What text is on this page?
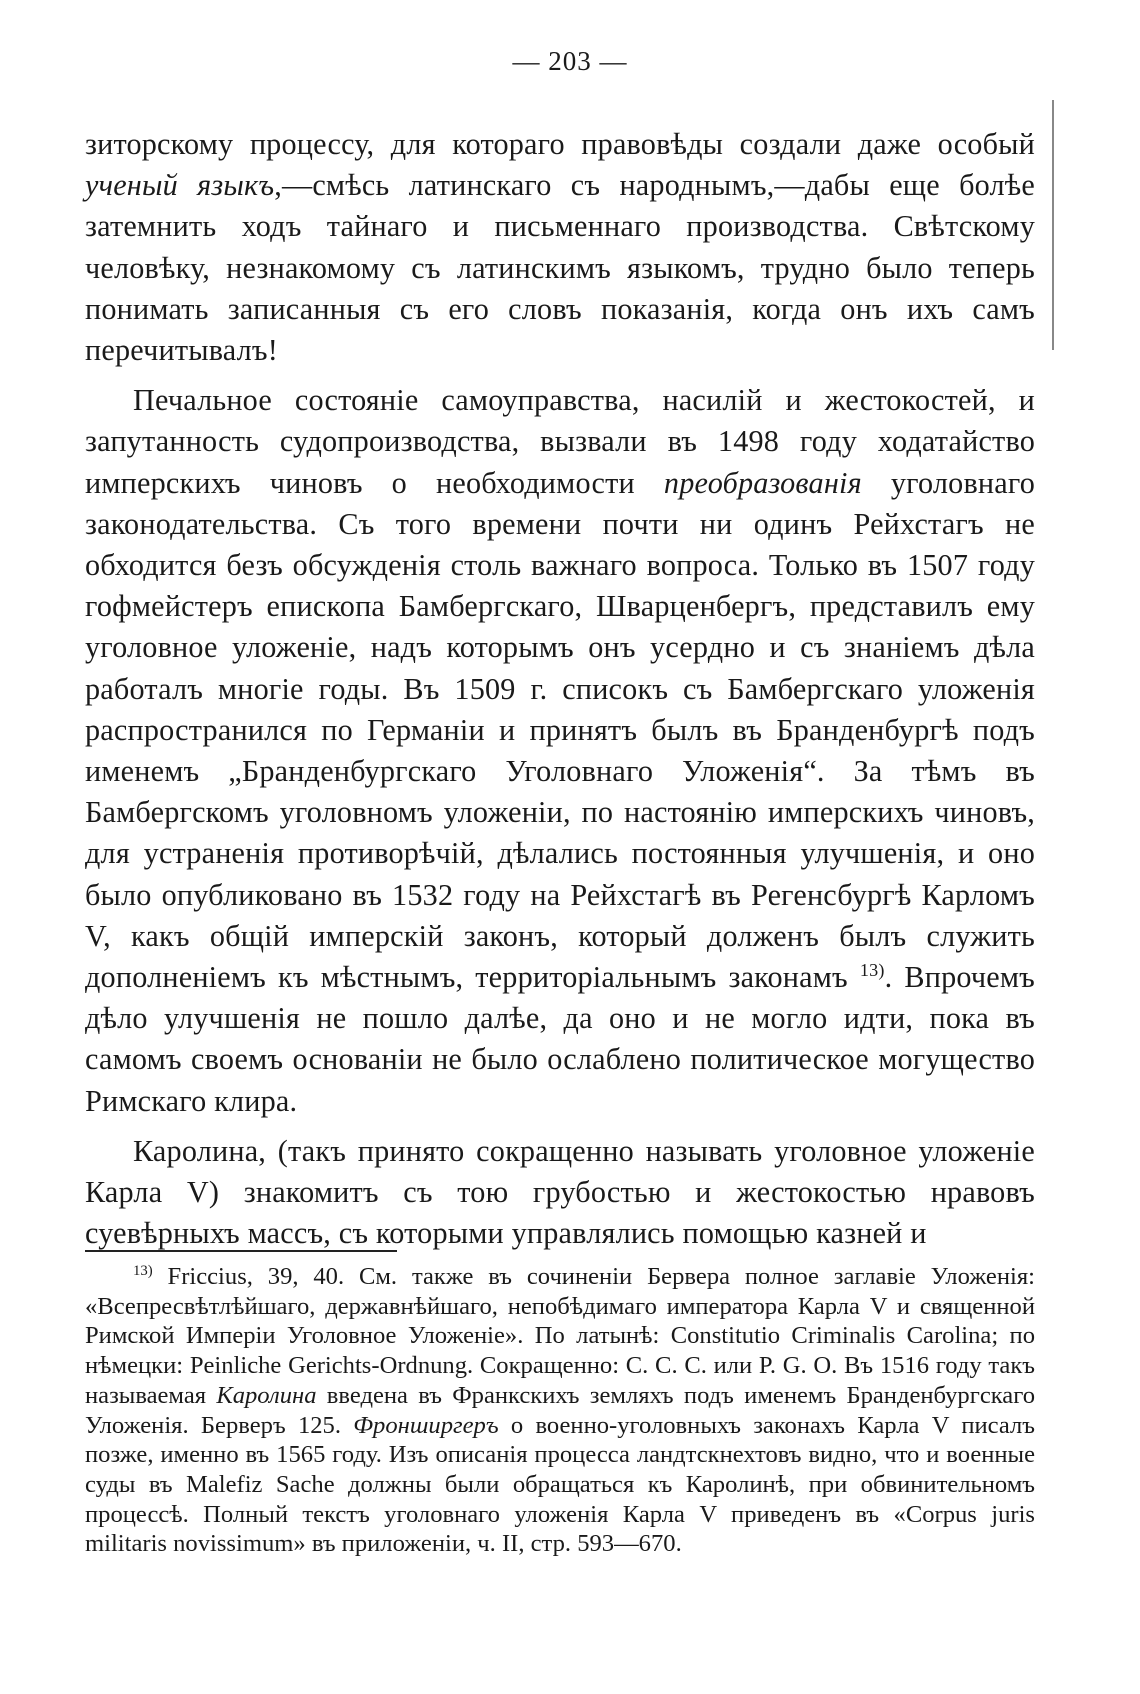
— 203 —

зиторскому процессу, для котораго правовѣды создали даже особый ученый языкъ,—смѣсь латинскаго съ народнымъ,—дабы еще болѣе затемнить ходъ тайнаго и письменнаго производства. Свѣтскому человѣку, незнакомому съ латинскимъ языкомъ, трудно было теперь понимать записанныя съ его словъ показанія, когда онъ ихъ самъ перечитывалъ!

Печальное состояніе самоуправства, насилій и жестокостей, и запутанность судопроизводства, вызвали въ 1498 году ходатайство имперскихъ чиновъ о необходимости преобразованія уголовнаго законодательства. Съ того времени почти ни одинъ Рейхстагъ не обходится безъ обсужденія столь важнаго вопроса. Только въ 1507 году гофмейстеръ епископа Бамбергскаго, Шварценбергъ, представилъ ему уголовное уложеніе, надъ которымъ онъ усердно и съ знаніемъ дѣла работалъ многіе годы. Въ 1509 г. списокъ съ Бамбергскаго уложенія распространился по Германіи и принятъ былъ въ Бранденбургѣ подъ именемъ „Бранденбургскаго Уголовнаго Уложенія“. За тѣмъ въ Бамбергскомъ уголовномъ уложеніи, по настоянію имперскихъ чиновъ, для устраненія противорѣчій, дѣлались постоянныя улучшенія, и оно было опубликовано въ 1532 году на Рейхстагѣ въ Регенсбургѣ Карломъ V, какъ общій имперскій законъ, который долженъ былъ служить дополненіемъ къ мѣстнымъ, территоріальнымъ законамъ $^{13)}$. Впрочемъ дѣло улучшенія не пошло далѣе, да оно и не могло идти, пока въ самомъ своемъ основаніи не было ослаблено политическое могущество Римскаго клира.

Каролина, (такъ принято сокращенно называть уголовное уложеніе Карла V) знакомитъ съ тою грубостью и жестокостью нравовъ суевѣрныхъ массъ, съ которыми управлялись помощью казней и

$^{13)}$ Friccius, 39, 40. См. также въ сочиненіи Бервера полное заглавіе Уложенія: «Всепресвѣтлѣйшаго, державнѣйшаго, непобѣдимаго императора Карла V и священной Римской Имперіи Уголовное Уложеніе». По латынѣ: Constitutio Criminalis Carolina; по нѣмецки: Peinliche Gerichts-Ordnung. Сокращенно: C. C. C. или P. G. O. Въ 1516 году такъ называемая Каролина введена въ Франкскихъ земляхъ подъ именемъ Бранденбургскаго Уложенія. Берверъ 125. Фронширгеръ о военно-уголовныхъ законахъ Карла V писалъ позже, именно въ 1565 году. Изъ описанія процесса ландтскнехтовъ видно, что и военные суды въ Malefiz Sache должны были обращаться къ Каролинѣ, при обвинительномъ процессѣ. Полный текстъ уголовнаго уложенія Карла V приведенъ въ «Corpus juris militaris novissimum» въ приложеніи, ч. II, стр. 593—670.
